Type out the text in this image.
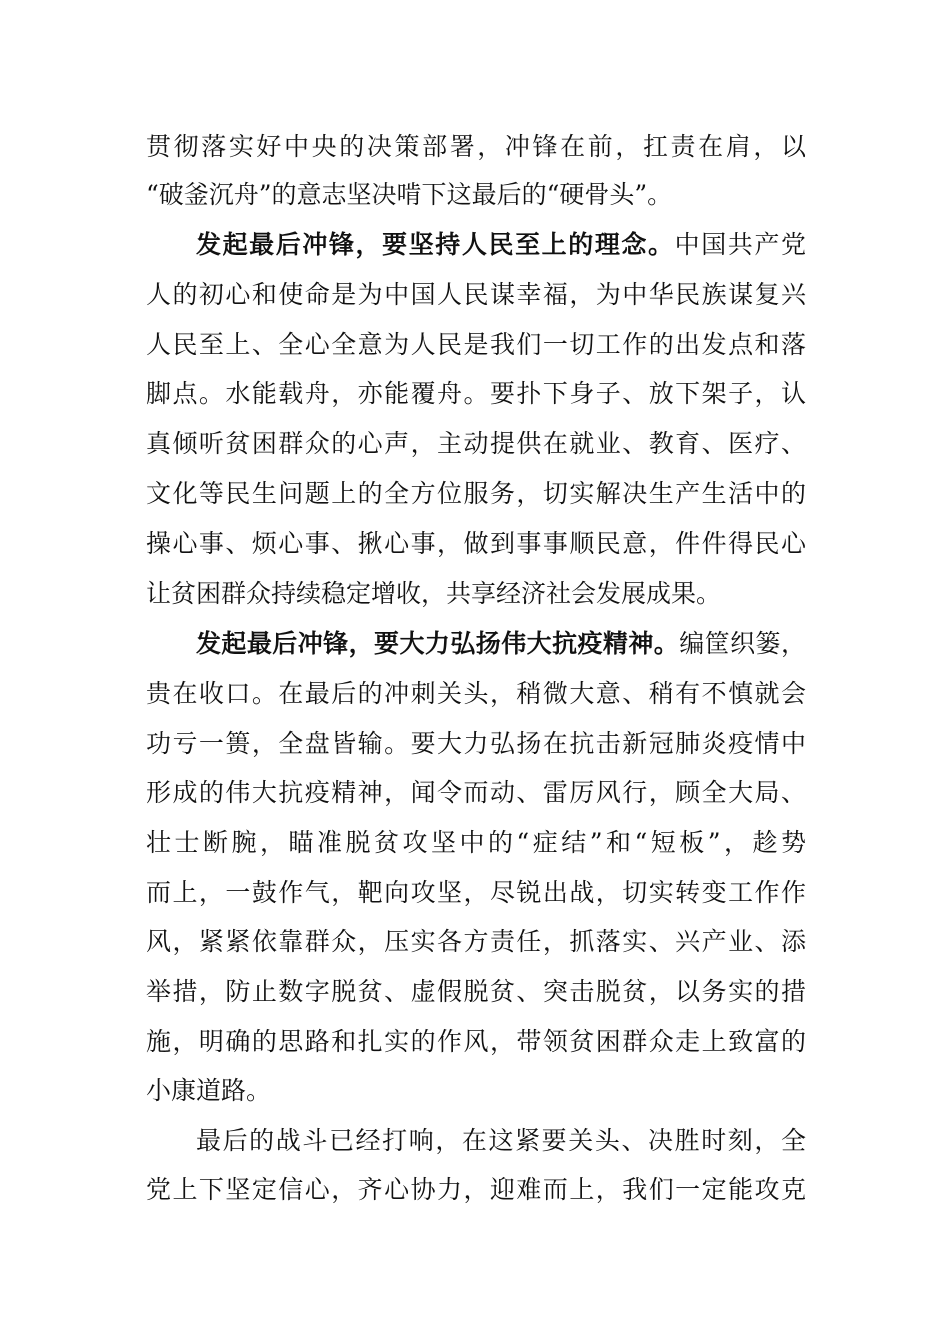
贯彻落实好中央的决策部署，冲锋在前，扛责在肩，以
“破釜沉舟”的意志坚决啃下这最后的“硬骨头”。
发起最后冲锋，要坚持人民至上的理念。中国共产党
人的初心和使命是为中国人民谋幸福，为中华民族谋复兴
人民至上、全心全意为人民是我们一切工作的出发点和落
脚点。水能载舟，亦能覆舟。要扑下身子、放下架子，认
真倾听贫困群众的心声，主动提供在就业、教育、医疗、
文化等民生问题上的全方位服务，切实解决生产生活中的
操心事、烦心事、揪心事，做到事事顺民意，件件得民心
让贫困群众持续稳定增收，共享经济社会发展成果。
发起最后冲锋，要大力弘扬伟大抗疫精神。编筐织篓，
贵在收口。在最后的冲刺关头，稍微大意、稍有不慎就会
功亏一篑，全盘皆输。要大力弘扬在抗击新冠肺炎疫情中
形成的伟大抗疫精神，闻令而动、雷厉风行，顾全大局、
壮士断腕，瞄准脱贫攻坚中的“症结”和“短板”，趁势
而上，一鼓作气，靶向攻坚，尽锐出战，切实转变工作作
风，紧紧依靠群众，压实各方责任，抓落实、兴产业、添
举措，防止数字脱贫、虚假脱贫、突击脱贫，以务实的措
施，明确的思路和扎实的作风，带领贫困群众走上致富的
小康道路。
最后的战斗已经打响，在这紧要关头、决胜时刻，全
党上下坚定信心，齐心协力，迎难而上，我们一定能攻克
